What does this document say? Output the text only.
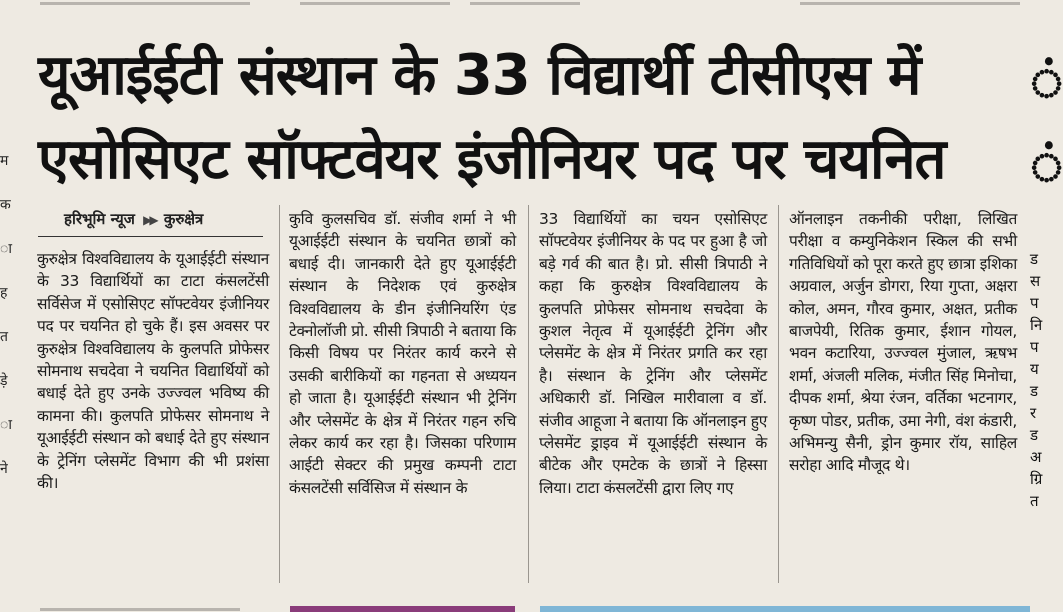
यूआईईटी संस्थान के 33 विद्यार्थी टीसीएस में
एसोसिएट सॉफ्टवेयर इंजीनियर पद पर चयनित
हरिभूमि न्यूज ▶▶ कुरुक्षेत्र
कुरुक्षेत्र विश्वविद्यालय के यूआईईटी संस्थान के 33 विद्यार्थियों का टाटा कंसलटेंसी सर्विसेज में एसोसिएट सॉफ्टवेयर इंजीनियर पद पर चयनित हो चुके हैं। इस अवसर पर कुरुक्षेत्र विश्वविद्यालय के कुलपति प्रोफेसर सोमनाथ सचदेवा ने चयनित विद्यार्थियों को बधाई देते हुए उनके उज्ज्वल भविष्य की कामना की। कुलपति प्रोफेसर सोमनाथ ने यूआईईटी संस्थान को बधाई देते हुए संस्थान के ट्रेनिंग प्लेसमेंट विभाग की भी प्रशंसा की।
कुवि कुलसचिव डॉ. संजीव शर्मा ने भी यूआईईटी संस्थान के चयनित छात्रों को बधाई दी। जानकारी देते हुए यूआईईटी संस्थान के निदेशक एवं कुरुक्षेत्र विश्वविद्यालय के डीन इंजीनियरिंग एंड टेक्नोलॉजी प्रो. सीसी त्रिपाठी ने बताया कि किसी विषय पर निरंतर कार्य करने से उसकी बारीकियों का गहनता से अध्ययन हो जाता है। यूआईईटी संस्थान भी ट्रेनिंग और प्लेसमेंट के क्षेत्र में निरंतर गहन रुचि लेकर कार्य कर रहा है। जिसका परिणाम आईटी सेक्टर की प्रमुख कम्पनी टाटा कंसलटेंसी सर्विसिज में संस्थान के
33 विद्यार्थियों का चयन एसोसिएट सॉफ्टवेयर इंजीनियर के पद पर हुआ है जो बड़े गर्व की बात है। प्रो. सीसी त्रिपाठी ने कहा कि कुरुक्षेत्र विश्वविद्यालय के कुलपति प्रोफेसर सोमनाथ सचदेवा के कुशल नेतृत्व में यूआईईटी ट्रेनिंग और प्लेसमेंट के क्षेत्र में निरंतर प्रगति कर रहा है। संस्थान के ट्रेनिंग और प्लेसमेंट अधिकारी डॉ. निखिल मारीवाला व डॉ. संजीव आहूजा ने बताया कि ऑनलाइन हुए प्लेसमेंट ड्राइव में यूआईईटी संस्थान के बीटेक और एमटेक के छात्रों ने हिस्सा लिया। टाटा कंसलटेंसी द्वारा लिए गए
ऑनलाइन तकनीकी परीक्षा, लिखित परीक्षा व कम्युनिकेशन स्किल की सभी गतिविधियों को पूरा करते हुए छात्रा इशिका अग्रवाल, अर्जुन डोगरा, रिया गुप्ता, अक्षरा कोल, अमन, गौरव कुमार, अक्षत, प्रतीक बाजपेयी, रितिक कुमार, ईशान गोयल, भवन कटारिया, उज्ज्वल मुंजाल, ऋषभ शर्मा, अंजली मलिक, मंजीत सिंह मिनोचा, दीपक शर्मा, श्रेया रंजन, वर्तिका भटनागर, कृष्ण पोडर, प्रतीक, उमा नेगी, वंश कंडारी, अभिमन्यु सैनी, ड्रोन कुमार रॉय, साहिल सरोहा आदि मौजूद थे।
म
क
ा
ह
त
ड़े
ा
ने
ं
ं
ड
स
प
नि
प
य
ड
र
ड
अ
ग्रि
त
